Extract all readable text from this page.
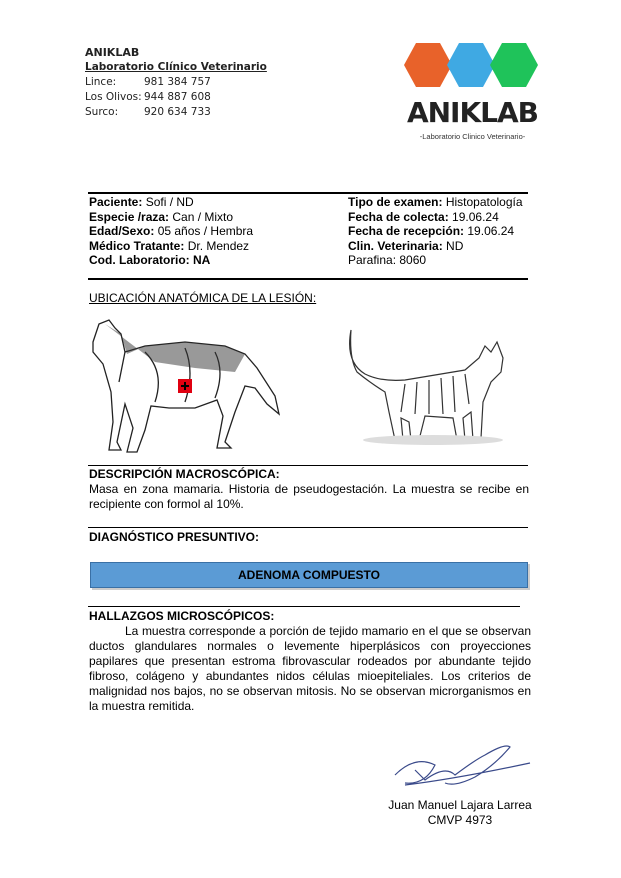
ANIKLAB
Laboratorio Clínico Veterinario
Lince:	981 384 757
Los Olivos: 944 887 608
Surco: 920 634 733	ANIKLAB
-Laboratorio Clinico Veterinario-
Paciente: Sofi / ND
Especie /raza: Can / Mixto
Edad/Sexo: 05 años / Hembra
Médico Tratante: Dr. Mendez
Cod. Laboratorio: NA
Tipo de examen: Histopatología
Fecha de colecta: 19.06.24
Fecha de recepción: 19.06.24
Clin. Veterinaria: ND
Parafina: 8060
UBICACIÓN ANATÓMICA DE LA LESIÓN:
DESCRIPCIÓN MACROSCÓPICA:
Masa en zona mamaria. Historia de pseudogestación. La muestra se recibe en recipiente con formol al 10%.
DIAGNÓSTICO PRESUNTIVO:
ADENOMA COMPUESTO
HALLAZGOS MICROSCÓPICOS:
La muestra corresponde a porción de tejido mamario en el que se observan ductos glandulares normales o levemente hiperplásicos con proyecciones papilares que presentan estroma fibrovascular rodeados por abundante tejido fibroso, colágeno y abundantes nidos células mioepiteliales. Los criterios de malignidad nos bajos, no se observan mitosis. No se observan microrganismos en la muestra remitida.
Juan Manuel Lajara Larrea
CMVP 4973
